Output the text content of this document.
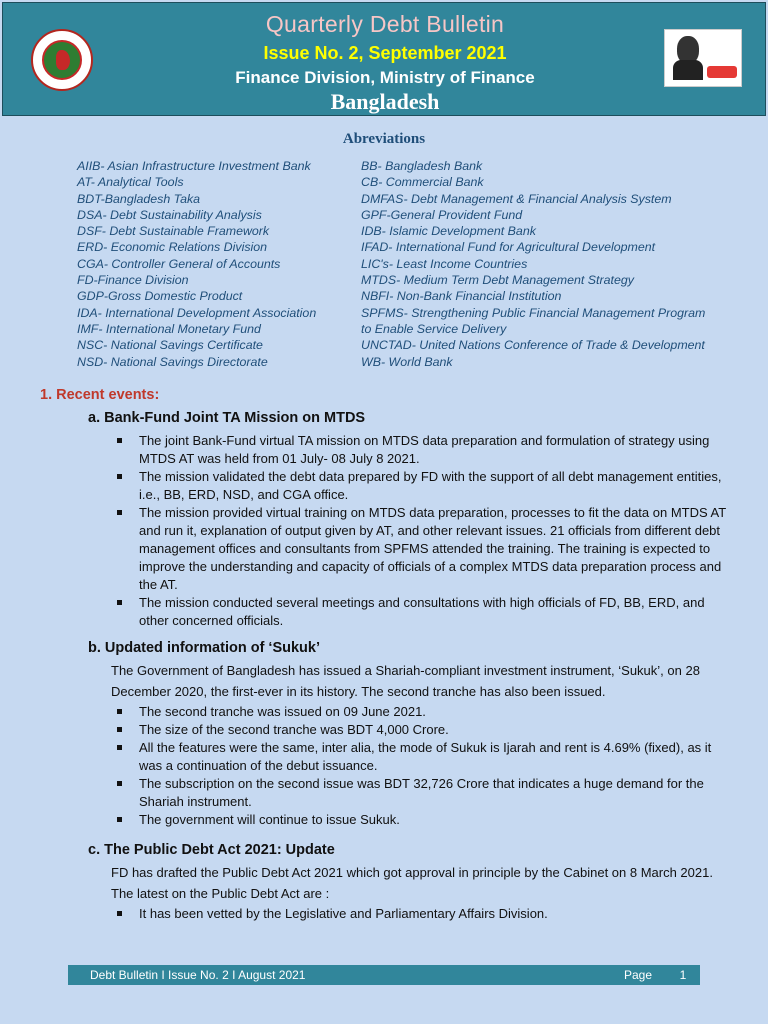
Quarterly Debt Bulletin
Issue No. 2, September 2021
Finance Division, Ministry of Finance
Bangladesh
Abreviations
AIIB- Asian Infrastructure Investment Bank
AT- Analytical Tools
BDT-Bangladesh Taka
DSA- Debt Sustainability Analysis
DSF- Debt Sustainable Framework
ERD- Economic Relations Division
CGA- Controller General of Accounts
FD-Finance Division
GDP-Gross Domestic Product
IDA- International Development Association
IMF- International Monetary Fund
NSC- National Savings Certificate
NSD- National Savings Directorate
BB- Bangladesh Bank
CB- Commercial Bank
DMFAS- Debt Management & Financial Analysis System
GPF-General Provident Fund
IDB- Islamic Development Bank
IFAD- International Fund for Agricultural Development
LIC's- Least Income Countries
MTDS- Medium Term Debt Management Strategy
NBFI- Non-Bank Financial Institution
SPFMS- Strengthening Public Financial Management Program
to Enable Service Delivery
UNCTAD- United Nations Conference of Trade & Development
WB- World Bank
1. Recent events:
a. Bank-Fund Joint TA Mission on MTDS
The joint Bank-Fund virtual TA mission on MTDS data preparation and formulation of strategy using MTDS AT was held from 01 July- 08 July 8 2021.
The mission validated the debt data prepared by FD with the support of all debt management entities, i.e., BB, ERD, NSD, and CGA office.
The mission provided virtual training on MTDS data preparation, processes to fit the data on MTDS AT and run it, explanation of output given by AT, and other relevant issues. 21 officials from different debt management offices and consultants from SPFMS attended the training. The training is expected to improve the understanding and capacity of officials of a complex MTDS data preparation process and the AT.
The mission conducted several meetings and consultations with high officials of FD, BB, ERD, and other concerned officials.
b. Updated information of ‘Sukuk’
The Government of Bangladesh has issued a Shariah-compliant investment instrument, ‘Sukuk’, on 28 December 2020, the first-ever in its history. The second tranche has also been issued.
The second tranche was issued on 09 June 2021.
The size of the second tranche was BDT 4,000 Crore.
All the features were the same, inter alia, the mode of Sukuk is Ijarah and rent is 4.69% (fixed), as it was a continuation of the debut issuance.
The subscription on the second issue was BDT 32,726 Crore that indicates a huge demand for the Shariah instrument.
The government will continue to issue Sukuk.
c. The Public Debt Act 2021: Update
FD has drafted the Public Debt Act 2021 which got approval in principle by the Cabinet on 8 March 2021. The latest on the Public Debt Act are :
It has been vetted by the Legislative and Parliamentary Affairs Division.
Debt Bulletin I Issue No. 2 I August 2021	Page	1
